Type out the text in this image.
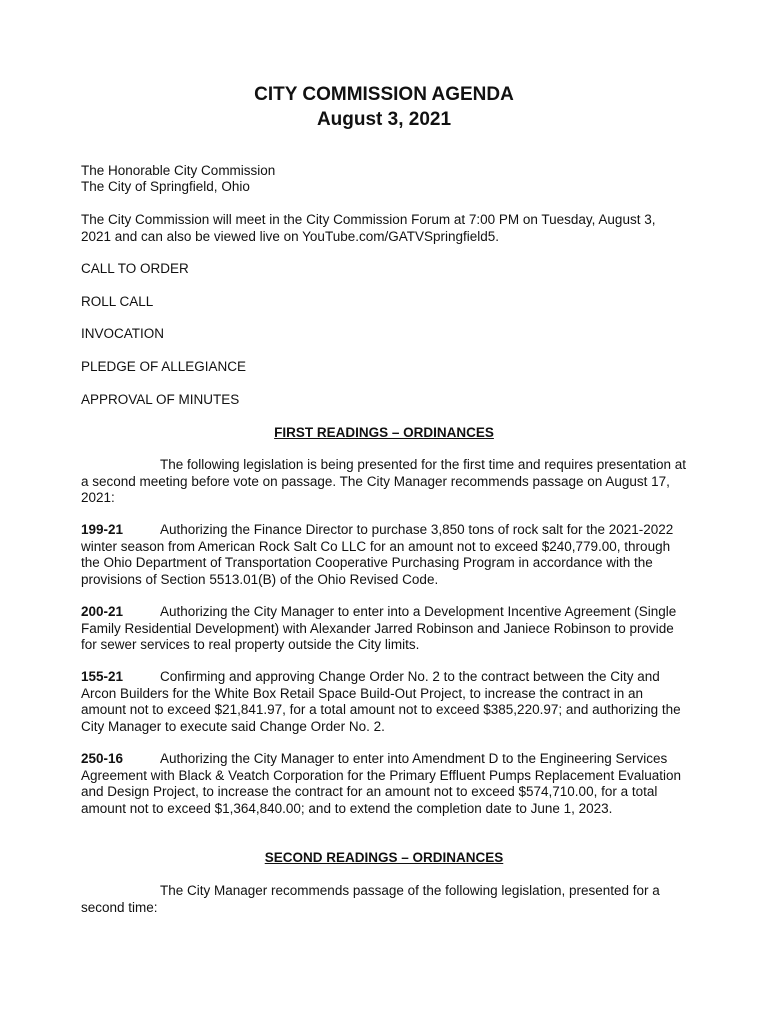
CITY COMMISSION AGENDA
August 3, 2021

The Honorable City Commission

The City of Springfield, Ohio

The City Commission will meet in the City Commission Forum at 7:00 PM on Tuesday, August 3, 2021 and can also be viewed live on YouTube.com/GATVSpringfield5.

CALL TO ORDER

ROLL CALL

INVOCATION

PLEDGE OF ALLEGIANCE

APPROVAL OF MINUTES

FIRST READINGS – ORDINANCES

The following legislation is being presented for the first time and requires presentation at a second meeting before vote on passage. The City Manager recommends passage on August 17, 2021:

199-21	Authorizing the Finance Director to purchase 3,850 tons of rock salt for the 2021-2022 winter season from American Rock Salt Co LLC for an amount not to exceed $240,779.00, through the Ohio Department of Transportation Cooperative Purchasing Program in accordance with the provisions of Section 5513.01(B) of the Ohio Revised Code.

200-21	Authorizing the City Manager to enter into a Development Incentive Agreement (Single Family Residential Development) with Alexander Jarred Robinson and Janiece Robinson to provide for sewer services to real property outside the City limits.

155-21	Confirming and approving Change Order No. 2 to the contract between the City and Arcon Builders for the White Box Retail Space Build-Out Project, to increase the contract in an amount not to exceed $21,841.97, for a total amount not to exceed $385,220.97; and authorizing the City Manager to execute said Change Order No. 2.

250-16	Authorizing the City Manager to enter into Amendment D to the Engineering Services Agreement with Black & Veatch Corporation for the Primary Effluent Pumps Replacement Evaluation and Design Project, to increase the contract for an amount not to exceed $574,710.00, for a total amount not to exceed $1,364,840.00; and to extend the completion date to June 1, 2023.

SECOND READINGS – ORDINANCES

The City Manager recommends passage of the following legislation, presented for a second time:
